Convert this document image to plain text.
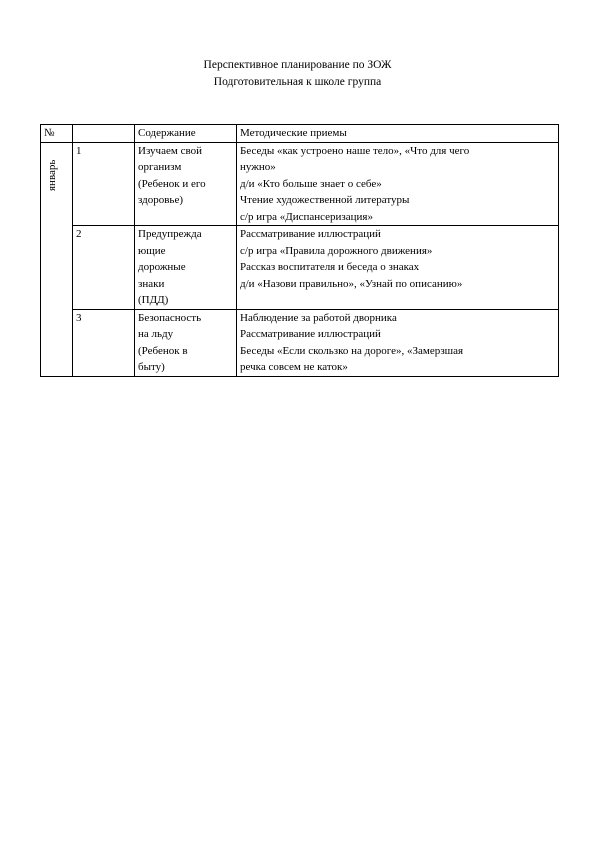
Перспективное планирование по ЗОЖ
Подготовительная к школе группа
№		Содержание	Методические приемы

январь	1	Изучаем свой
организм
(Ребенок и его
здоровье)	Беседы «как устроено наше тело», «Что для чего
нужно»
д/и «Кто больше знает о себе»
Чтение художественной литературы
с/р игра «Диспансеризация»

	2	Предупрежда
ющие
дорожные
знаки
(ПДД)	Рассматривание иллюстраций
с/р игра «Правила дорожного движения»
Рассказ воспитателя и беседа о знаках
д/и «Назови правильно», «Узнай по описанию»

	3	Безопасность
на льду
(Ребенок в
быту)	Наблюдение за работой дворника
Рассматривание иллюстраций
Беседы «Если скользко на дороге», «Замерзшая
речка совсем не каток»
